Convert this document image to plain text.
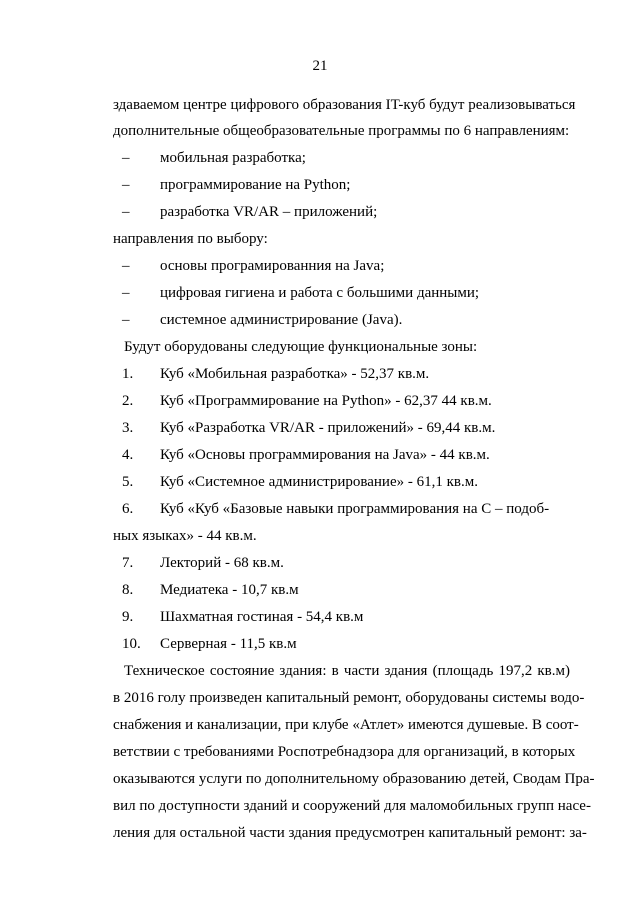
21
здаваемом центре цифрового образования IT-куб будут реализовываться
дополнительные общеобразовательные программы по 6 направлениям:
– мобильная разработка;
– программирование на Python;
– разработка VR/AR – приложений;
направления по выбору:
– основы програмированния на Java;
– цифровая гигиена и работа с большими данными;
– системное администрирование (Java).
Будут оборудованы следующие функциональные зоны:
1. Куб «Мобильная разработка» - 52,37 кв.м.
2. Куб «Программирование на Python» - 62,37 44 кв.м.
3. Куб «Разработка VR/AR - приложений» - 69,44 кв.м.
4. Куб «Основы программирования на Java» - 44 кв.м.
5. Куб «Системное администрирование» - 61,1 кв.м.
6. Куб «Куб «Базовые навыки программирования на С – подоб-
ных языках» - 44 кв.м.
7. Лекторий - 68 кв.м.
8. Медиатека - 10,7 кв.м
9. Шахматная гостиная - 54,4 кв.м
10. Серверная - 11,5 кв.м
Техническое состояние здания: в части здания (площадь 197,2 кв.м)
в 2016 голу произведен капитальный ремонт, оборудованы системы водо-
снабжения и канализации, при клубе «Атлет» имеются душевые. В соот-
ветствии с требованиями Роспотребнадзора для организаций, в которых
оказываются услуги по дополнительному образованию детей, Сводам Пра-
вил по доступности зданий и сооружений для маломобильных групп насе-
ления для остальной части здания предусмотрен капитальный ремонт: за-
